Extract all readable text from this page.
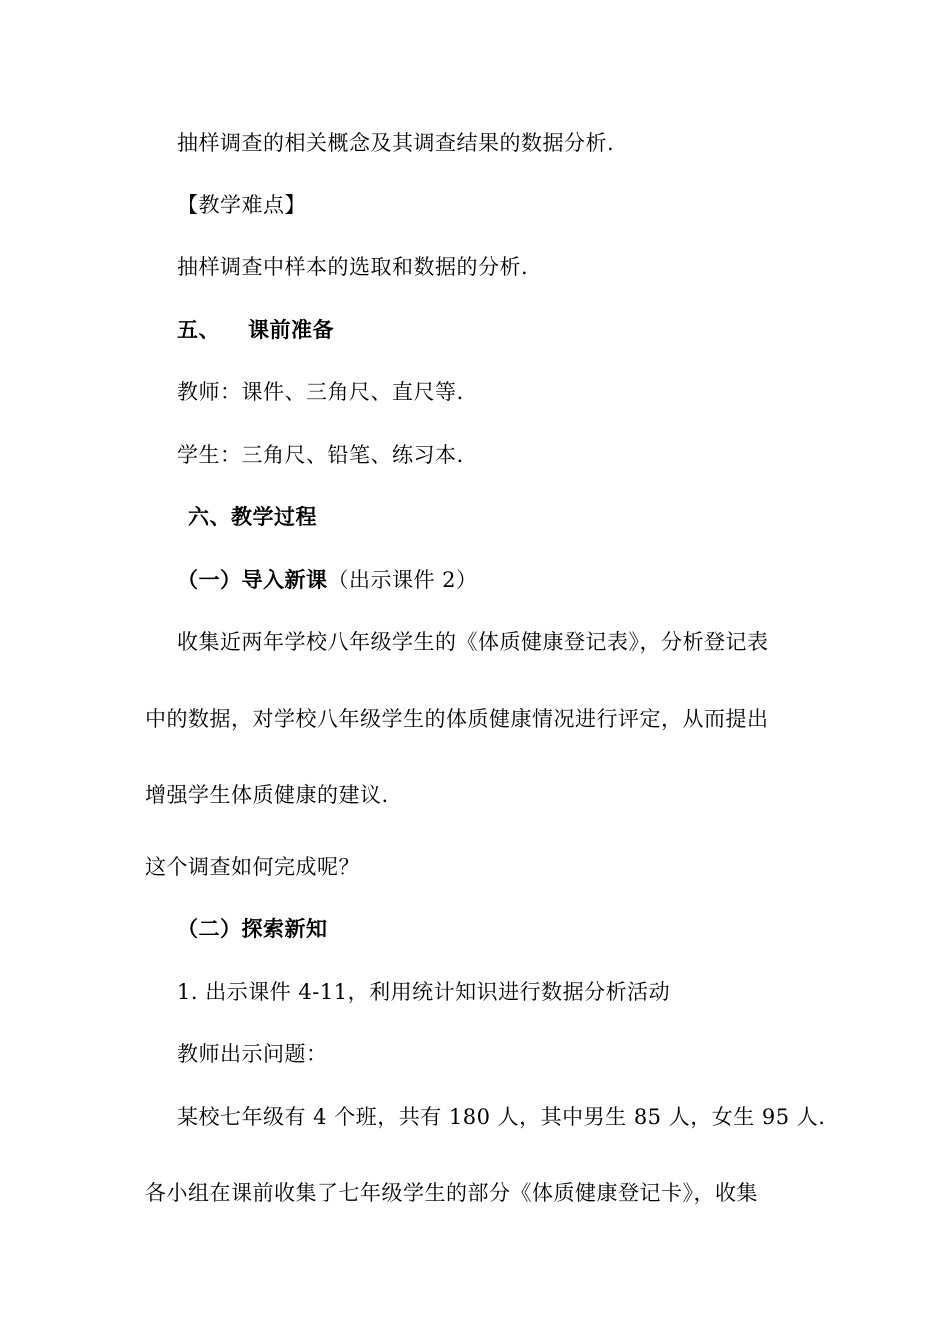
抽样调查的相关概念及其调查结果的数据分析.
【教学难点】
抽样调查中样本的选取和数据的分析.
五、 课前准备
教师：课件、三角尺、直尺等.
学生：三角尺、铅笔、练习本.
六、教学过程
（一）导入新课（出示课件 2）
收集近两年学校八年级学生的《体质健康登记表》，分析登记表
中的数据，对学校八年级学生的体质健康情况进行评定，从而提出
增强学生体质健康的建议.
这个调查如何完成呢？
（二）探索新知
1. 出示课件 4-11，利用统计知识进行数据分析活动
教师出示问题：
某校七年级有 4 个班，共有 180 人，其中男生 85 人，女生 95 人.
各小组在课前收集了七年级学生的部分《体质健康登记卡》，收集
